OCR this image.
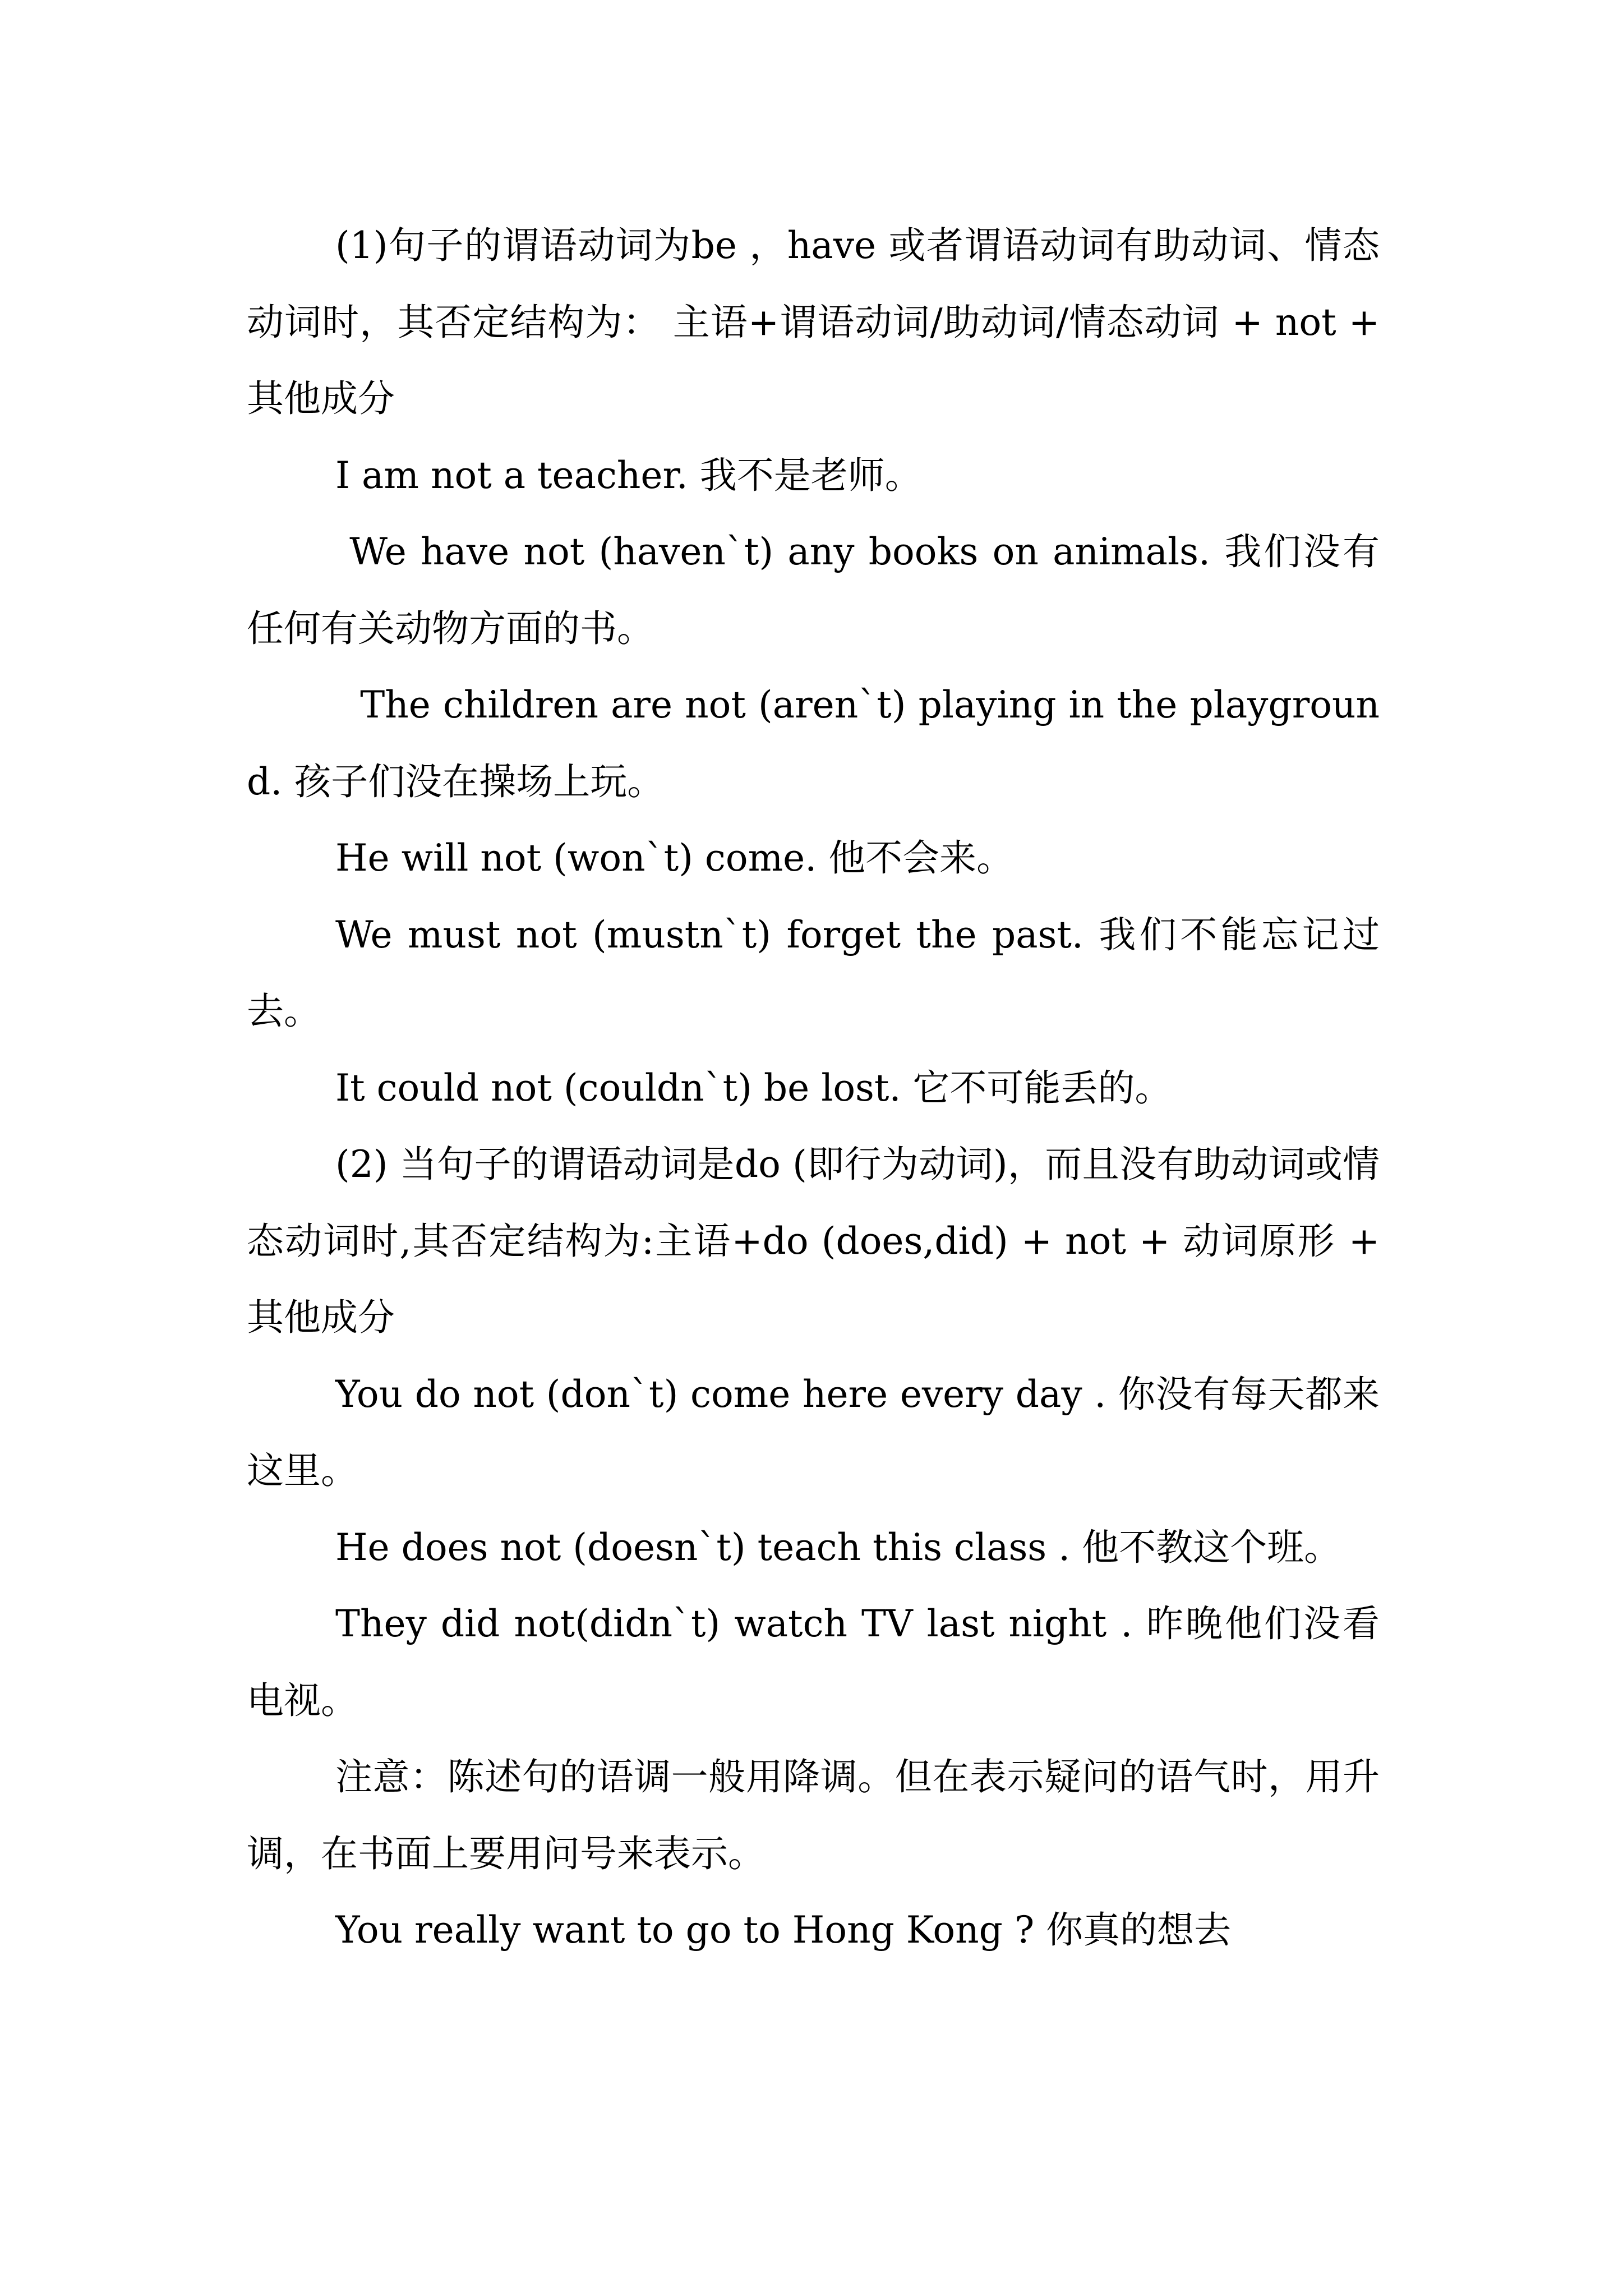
(1)句子的谓语动词为be ，have 或者谓语动词有助动词、情态动词时，其否定结构为： 主语+谓语动词/助动词/情态动词 + not + 其他成分

I am not a teacher. 我不是老师。

We have not (haven`t) any books on animals. 我们没有任何有关动物方面的书。

The children are not (aren`t) playing in the playground. 孩子们没在操场上玩。

He will not (won`t) come. 他不会来。

We must not (mustn`t) forget the past. 我们不能忘记过去。

It could not (couldn`t) be lost. 它不可能丢的。

(2) 当句子的谓语动词是do (即行为动词)，而且没有助动词或情态动词时,其否定结构为:主语+do (does,did) + not + 动词原形 + 其他成分

You do not (don`t) come here every day . 你没有每天都来这里。

He does not (doesn`t) teach this class . 他不教这个班。

They did not(didn`t) watch TV last night . 昨晚他们没看电视。

注意：陈述句的语调一般用降调。但在表示疑问的语气时，用升调，在书面上要用问号来表示。

You really want to go to Hong Kong ? 你真的想去
